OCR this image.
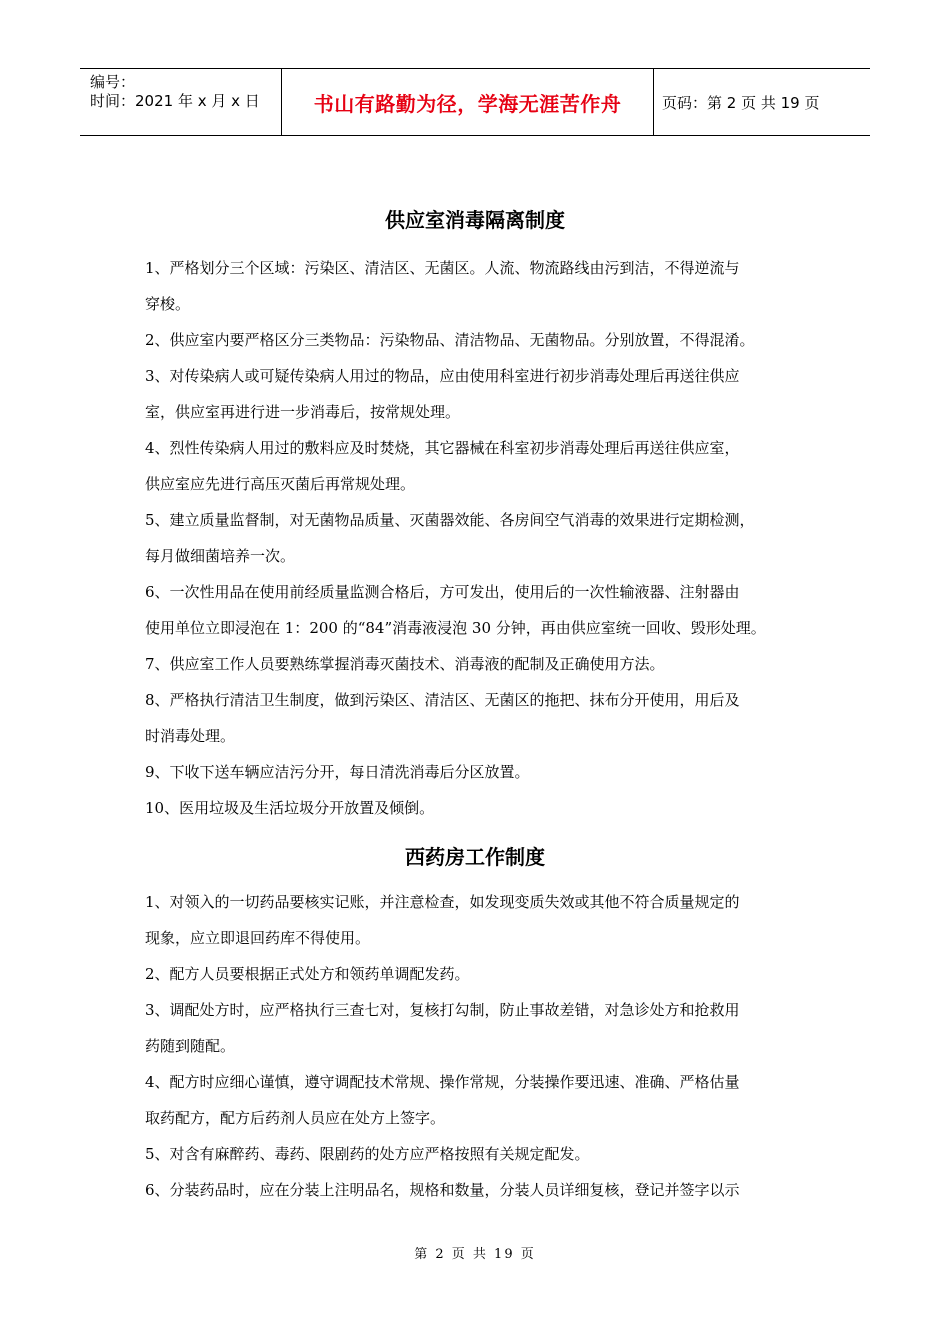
编号：
时间：2021 年 x 月 x 日	书山有路勤为径，学海无涯苦作舟	页码：第 2 页 共 19 页
供应室消毒隔离制度
1、严格划分三个区域：污染区、清洁区、无菌区。人流、物流路线由污到洁，不得逆流与
穿梭。
2、供应室内要严格区分三类物品：污染物品、清洁物品、无菌物品。分别放置，不得混淆。
3、对传染病人或可疑传染病人用过的物品，应由使用科室进行初步消毒处理后再送往供应
室，供应室再进行进一步消毒后，按常规处理。
4、烈性传染病人用过的敷料应及时焚烧，其它器械在科室初步消毒处理后再送往供应室，
供应室应先进行高压灭菌后再常规处理。
5、建立质量监督制，对无菌物品质量、灭菌器效能、各房间空气消毒的效果进行定期检测，
每月做细菌培养一次。
6、一次性用品在使用前经质量监测合格后，方可发出，使用后的一次性输液器、注射器由
使用单位立即浸泡在 1：200 的“84”消毒液浸泡 30 分钟，再由供应室统一回收、毁形处理。
7、供应室工作人员要熟练掌握消毒灭菌技术、消毒液的配制及正确使用方法。
8、严格执行清洁卫生制度，做到污染区、清洁区、无菌区的拖把、抹布分开使用，用后及
时消毒处理。
9、下收下送车辆应洁污分开，每日清洗消毒后分区放置。
10、医用垃圾及生活垃圾分开放置及倾倒。
西药房工作制度
1、对领入的一切药品要核实记账，并注意检查，如发现变质失效或其他不符合质量规定的
现象，应立即退回药库不得使用。
2、配方人员要根据正式处方和领药单调配发药。
3、调配处方时，应严格执行三查七对，复核打勾制，防止事故差错，对急诊处方和抢救用
药随到随配。
4、配方时应细心谨慎，遵守调配技术常规、操作常规，分装操作要迅速、准确、严格估量
取药配方，配方后药剂人员应在处方上签字。
5、对含有麻醉药、毒药、限剧药的处方应严格按照有关规定配发。
6、分装药品时，应在分装上注明品名，规格和数量，分装人员详细复核，登记并签字以示
第 2 页 共 19 页
